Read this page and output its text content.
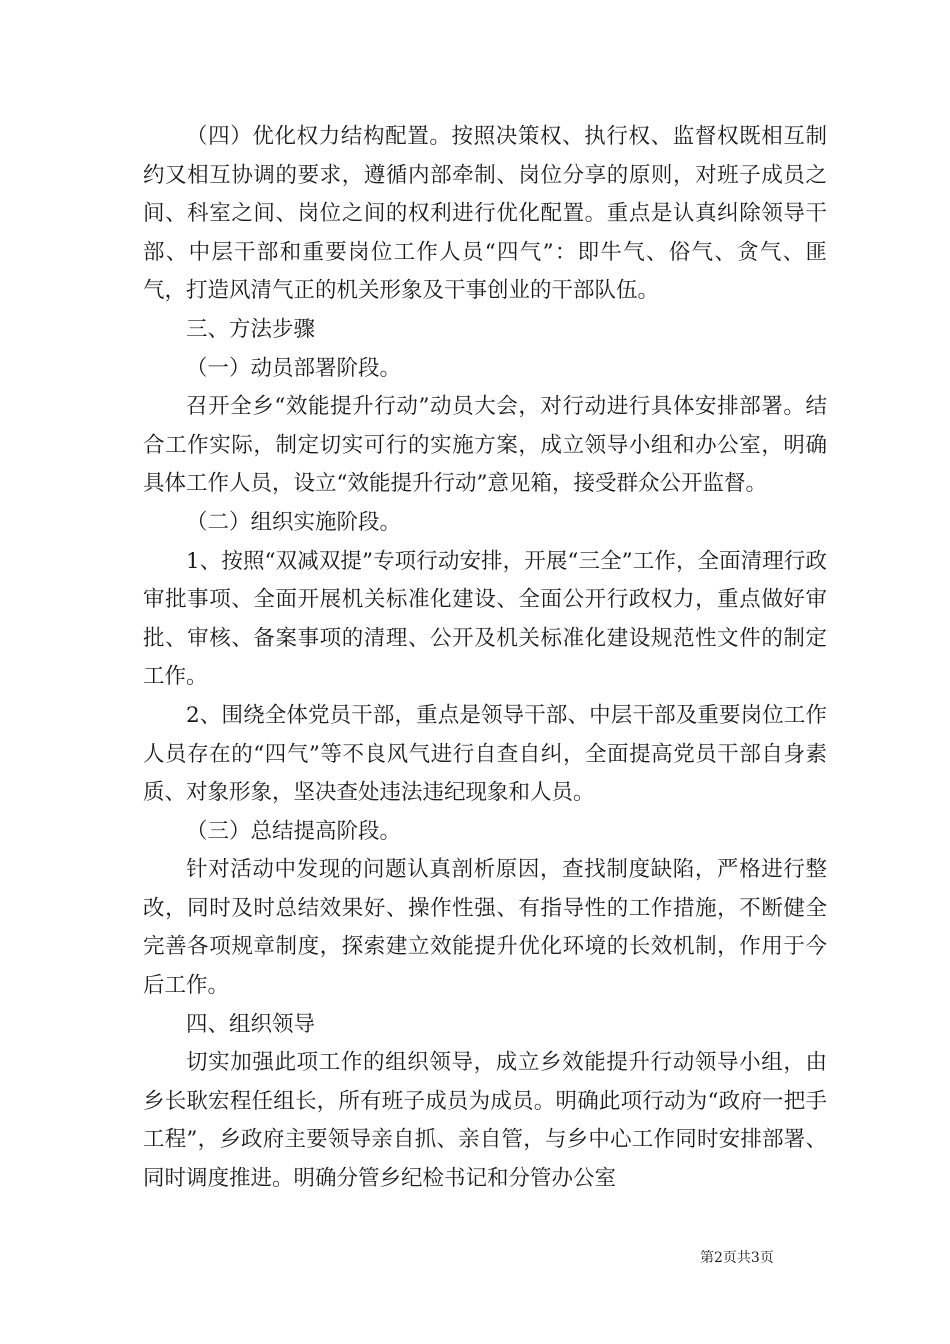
（四）优化权力结构配置。按照决策权、执行权、监督权既相互制约又相互协调的要求，遵循内部牵制、岗位分享的原则，对班子成员之间、科室之间、岗位之间的权利进行优化配置。重点是认真纠除领导干部、中层干部和重要岗位工作人员“四气”：即牛气、俗气、贪气、匪气，打造风清气正的机关形象及干事创业的干部队伍。

三、方法步骤

（一）动员部署阶段。

召开全乡“效能提升行动”动员大会，对行动进行具体安排部署。结合工作实际，制定切实可行的实施方案，成立领导小组和办公室，明确具体工作人员，设立“效能提升行动”意见箱，接受群众公开监督。

（二）组织实施阶段。

1、按照“双减双提”专项行动安排，开展“三全”工作，全面清理行政审批事项、全面开展机关标准化建设、全面公开行政权力，重点做好审批、审核、备案事项的清理、公开及机关标准化建设规范性文件的制定工作。

2、围绕全体党员干部，重点是领导干部、中层干部及重要岗位工作人员存在的“四气”等不良风气进行自查自纠，全面提高党员干部自身素质、对象形象，坚决查处违法违纪现象和人员。

（三）总结提高阶段。

针对活动中发现的问题认真剖析原因，查找制度缺陷，严格进行整改，同时及时总结效果好、操作性强、有指导性的工作措施，不断健全完善各项规章制度，探索建立效能提升优化环境的长效机制，作用于今后工作。

四、组织领导

切实加强此项工作的组织领导，成立乡效能提升行动领导小组，由乡长耿宏程任组长，所有班子成员为成员。明确此项行动为“政府一把手工程”，乡政府主要领导亲自抓、亲自管，与乡中心工作同时安排部署、同时调度推进。明确分管乡纪检书记和分管办公室

第2页共3页
